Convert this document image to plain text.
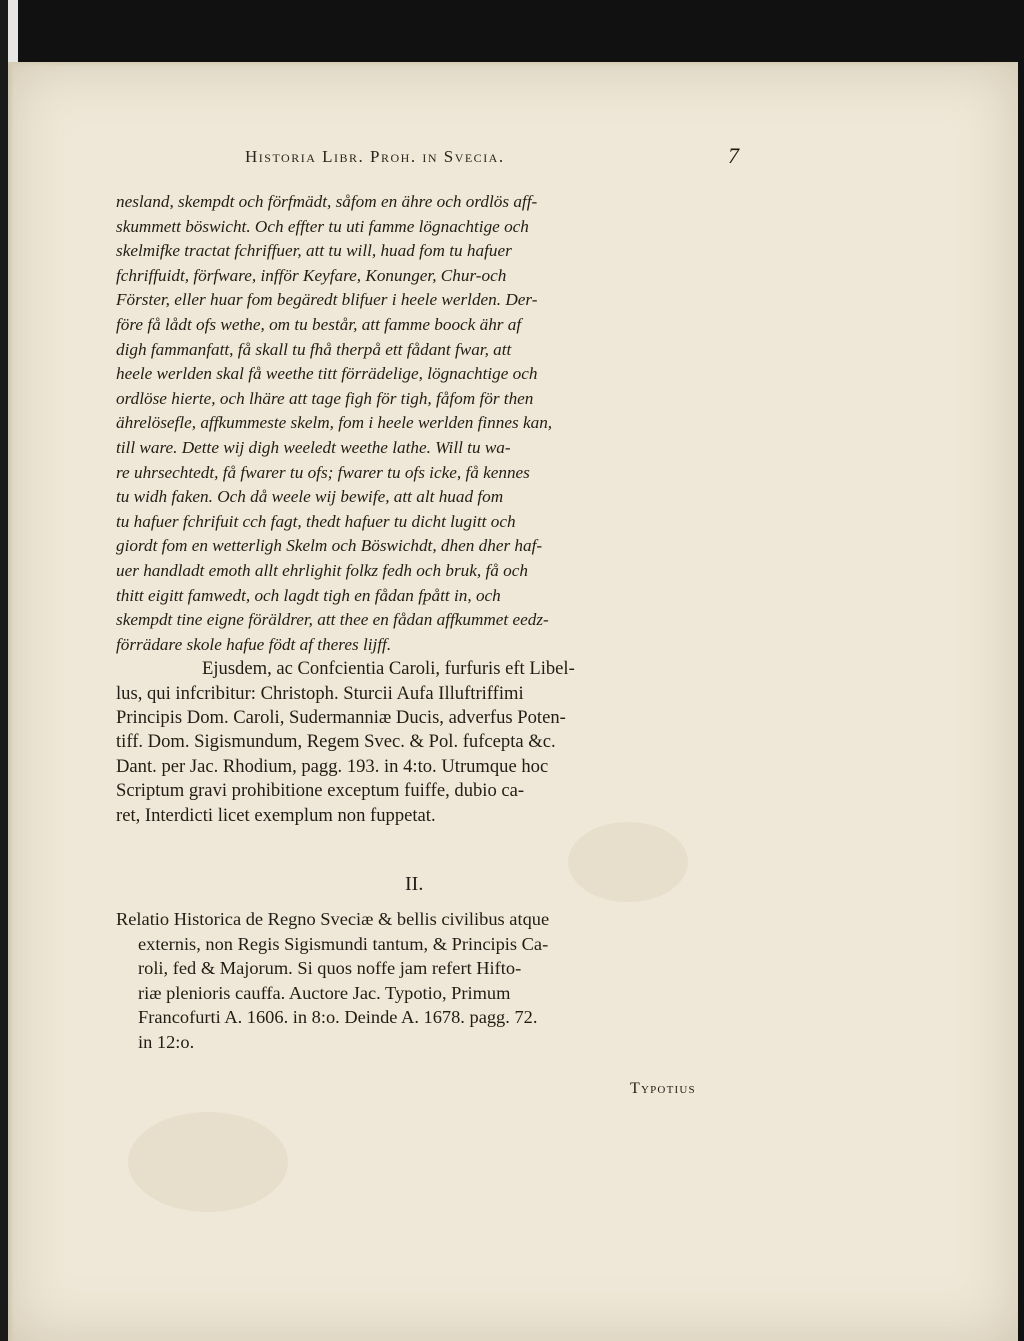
Historia Libr. Proh. in Svecia.	7
nesland, skempdt och förfmädt, såfom en ähre och ordlös aff-
skummett böswicht. Och effter tu uti famme lögnachtige och
skelmifke tractat fchriffuer, att tu will, huad fom tu hafuer
fchriffuidt, förfware, infför Keyfare, Konunger, Chur-och
Förster, eller huar fom begäredt blifuer i heele werlden. Der-
före få lådt ofs wethe, om tu består, att famme boock ähr af
digh fammanfatt, få skall tu fhå therpå ett fådant fwar, att
heele werlden skal få weethe titt förrädelige, lögnachtige och
ordlöse hierte, och lhäre att tage figh för tigh, fåfom för then
ährelösefle, affkummeste skelm, fom i heele werlden finnes kan,
till ware. Dette wij digh weeledt weethe lathe. Will tu wa-
re uhrsechtedt, få fwarer tu ofs; fwarer tu ofs icke, få kennes
tu widh faken. Och då weele wij bewife, att alt huad fom
tu hafuer fchrifuit cch fagt, thedt hafuer tu dicht lugitt och
giordt fom en wetterligh Skelm och Böswichdt, dhen dher haf-
uer handladt emoth allt ehrlighit folkz fedh och bruk, få och
thitt eigitt famwedt, och lagdt tigh en fådan fpått in, och
skempdt tine eigne föräldrer, att thee en fådan affkummet eedz-
förrädare skole hafue födt af theres lijff.
Ejusdem, ac Confcientia Caroli, furfuris eft Libel-
lus, qui infcribitur: Christoph. Sturcii Aufa Illuftriffimi
Principis Dom. Caroli, Sudermanniæ Ducis, adverfus Poten-
tiff. Dom. Sigismundum, Regem Svec. & Pol. fufcepta &c.
Dant. per Jac. Rhodium, pagg. 193. in 4:to. Utrumque hoc
Scriptum gravi prohibitione exceptum fuiffe, dubio ca-
ret, Interdicti licet exemplum non fuppetat.
II.
Relatio Historica de Regno Sveciæ & bellis civilibus atque
externis, non Regis Sigismundi tantum, & Principis Ca-
roli, fed & Majorum. Si quos noffe jam refert Hifto-
riæ plenioris cauffa. Auctore Jac. Typotio, Primum
Francofurti A. 1606. in 8:o. Deinde A. 1678. pagg. 72.
in 12:o.
Typotius
